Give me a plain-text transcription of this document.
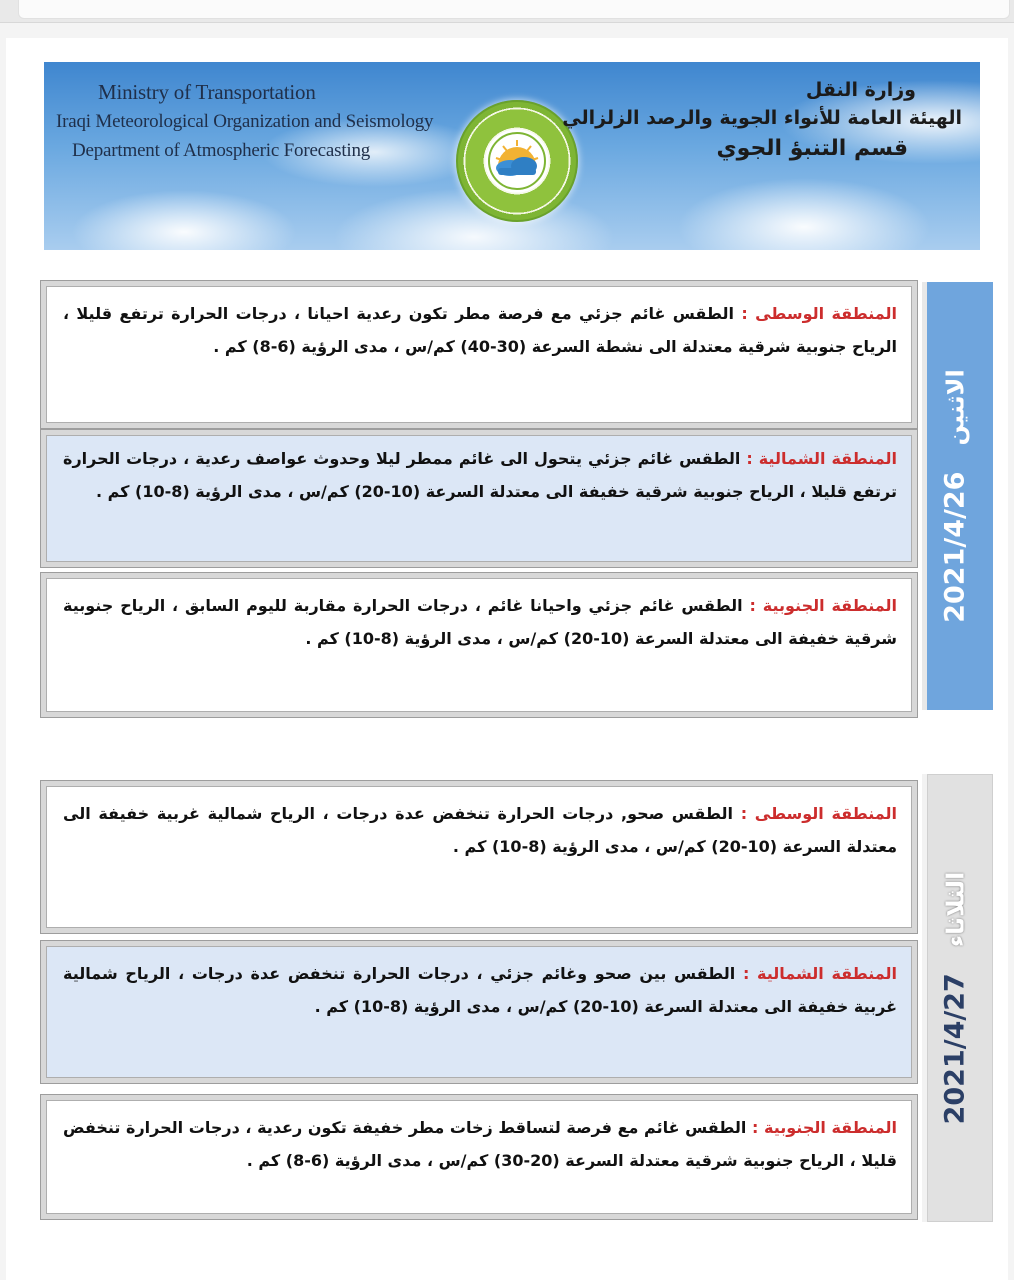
Ministry of Transportation
Iraqi Meteorological Organization and Seismology
Department of Atmospheric Forecasting
وزارة النقل
الهيئة العامة للأنواء الجوية والرصد الزلزالي
قسم التنبؤ الجوي
المنطقة الوسطى : الطقس غائم جزئي مع فرصة مطر تكون رعدية احيانا ، درجات الحرارة ترتفع قليلا ، الرياح جنوبية شرقية معتدلة الى نشطة السرعة (30-40) كم/س ، مدى الرؤية (6-8) كم .
المنطقة الشمالية : الطقس غائم جزئي يتحول الى غائم ممطر ليلا وحدوث عواصف رعدية ، درجات الحرارة ترتفع قليلا ، الرياح جنوبية شرقية خفيفة الى معتدلة السرعة (10-20) كم/س ، مدى الرؤية (8-10) كم .
المنطقة الجنوبية : الطقس غائم جزئي واحيانا غائم ، درجات الحرارة مقاربة لليوم السابق ، الرياح جنوبية شرقية خفيفة الى معتدلة السرعة (10-20) كم/س ، مدى الرؤية (8-10) كم .
2021/4/26
الاثنين
المنطقة الوسطى : الطقس صحو, درجات الحرارة تنخفض عدة درجات ، الرياح شمالية غربية خفيفة الى معتدلة السرعة (10-20) كم/س ، مدى الرؤية (8-10) كم .
المنطقة الشمالية : الطقس بين صحو وغائم جزئي ، درجات الحرارة تنخفض عدة درجات ، الرياح شمالية غربية خفيفة الى معتدلة السرعة (10-20) كم/س ، مدى الرؤية (8-10) كم .
المنطقة الجنوبية : الطقس غائم مع فرصة لتساقط زخات مطر خفيفة تكون رعدية ، درجات الحرارة تنخفض قليلا ، الرياح جنوبية شرقية معتدلة السرعة (20-30) كم/س ، مدى الرؤية (6-8) كم .
2021/4/27
الثلاثاء
